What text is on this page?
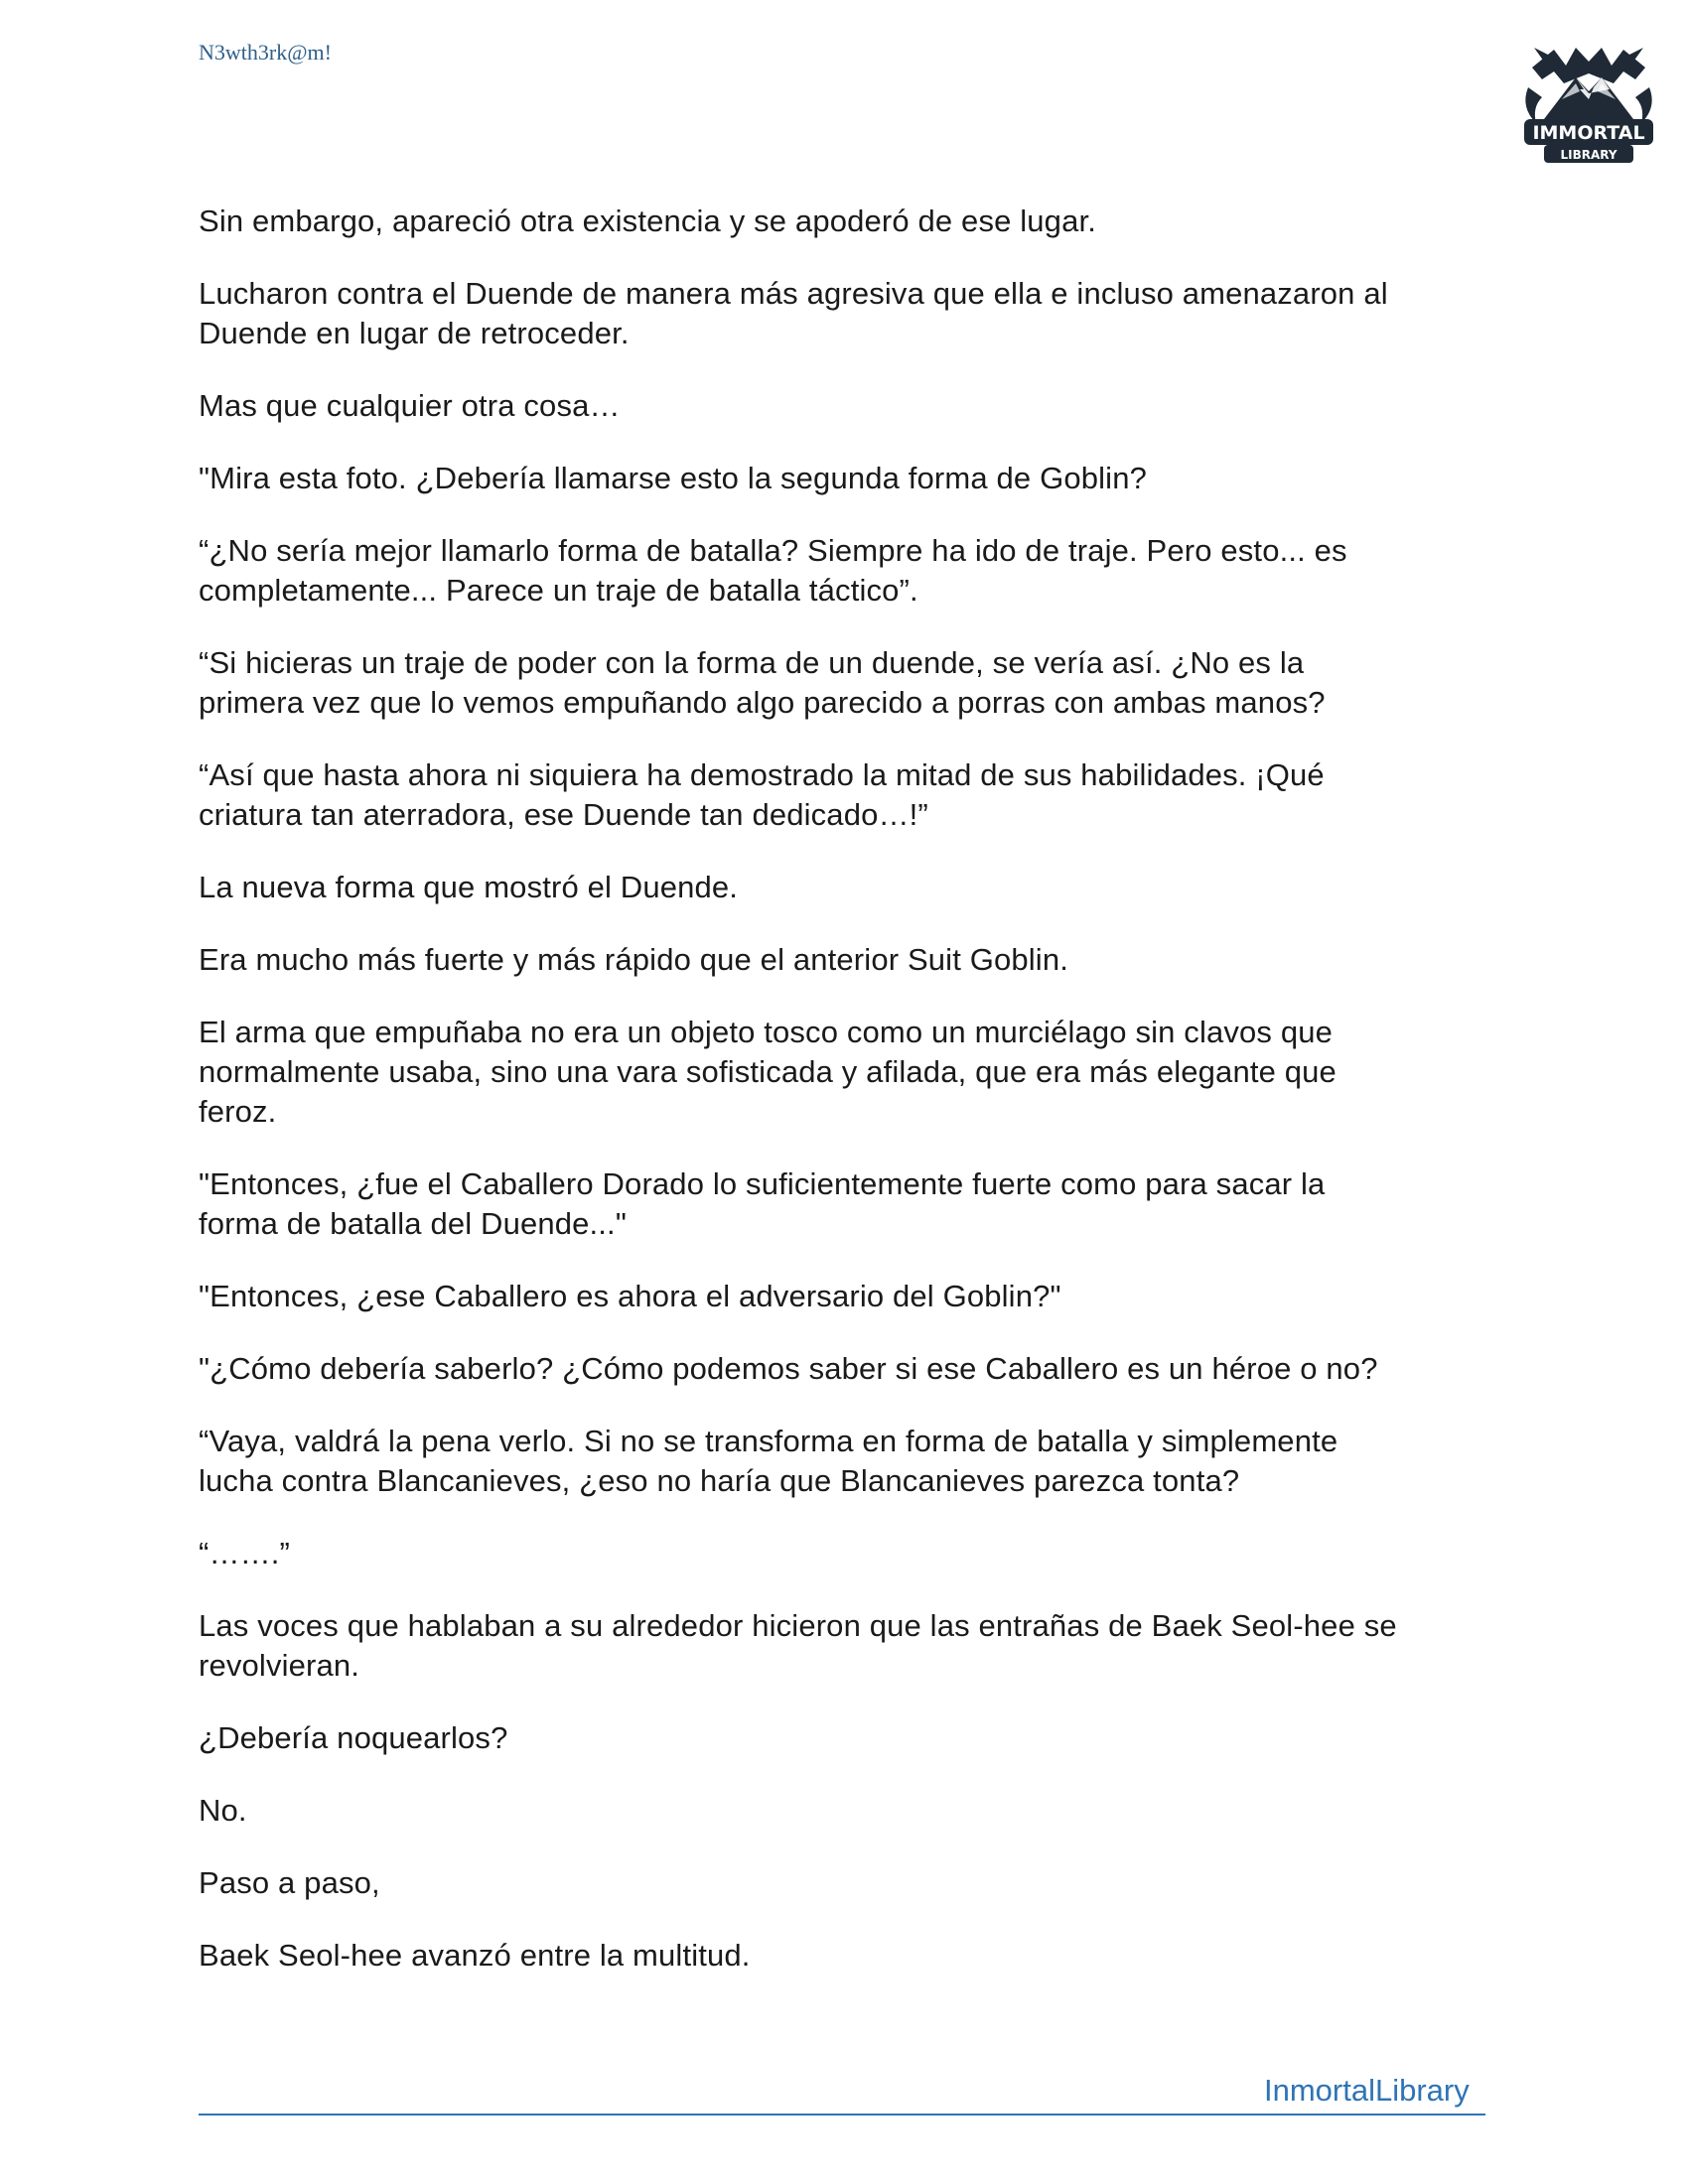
N3wth3rk@m!
IMMORTAL
LIBRARY

Sin embargo, apareció otra existencia y se apoderó de ese lugar.

Lucharon contra el Duende de manera más agresiva que ella e incluso amenazaron al
Duende en lugar de retroceder.

Mas que cualquier otra cosa…

"Mira esta foto. ¿Debería llamarse esto la segunda forma de Goblin?

“¿No sería mejor llamarlo forma de batalla? Siempre ha ido de traje. Pero esto... es
completamente... Parece un traje de batalla táctico”.

“Si hicieras un traje de poder con la forma de un duende, se vería así. ¿No es la
primera vez que lo vemos empuñando algo parecido a porras con ambas manos?

“Así que hasta ahora ni siquiera ha demostrado la mitad de sus habilidades. ¡Qué
criatura tan aterradora, ese Duende tan dedicado…!”

La nueva forma que mostró el Duende.

Era mucho más fuerte y más rápido que el anterior Suit Goblin.

El arma que empuñaba no era un objeto tosco como un murciélago sin clavos que
normalmente usaba, sino una vara sofisticada y afilada, que era más elegante que
feroz.

"Entonces, ¿fue el Caballero Dorado lo suficientemente fuerte como para sacar la
forma de batalla del Duende..."

"Entonces, ¿ese Caballero es ahora el adversario del Goblin?"

"¿Cómo debería saberlo? ¿Cómo podemos saber si ese Caballero es un héroe o no?

“Vaya, valdrá la pena verlo. Si no se transforma en forma de batalla y simplemente
lucha contra Blancanieves, ¿eso no haría que Blancanieves parezca tonta?

“…….”

Las voces que hablaban a su alrededor hicieron que las entrañas de Baek Seol-hee se
revolvieran.

¿Debería noquearlos?

No.

Paso a paso,

Baek Seol-hee avanzó entre la multitud.

InmortalLibrary
